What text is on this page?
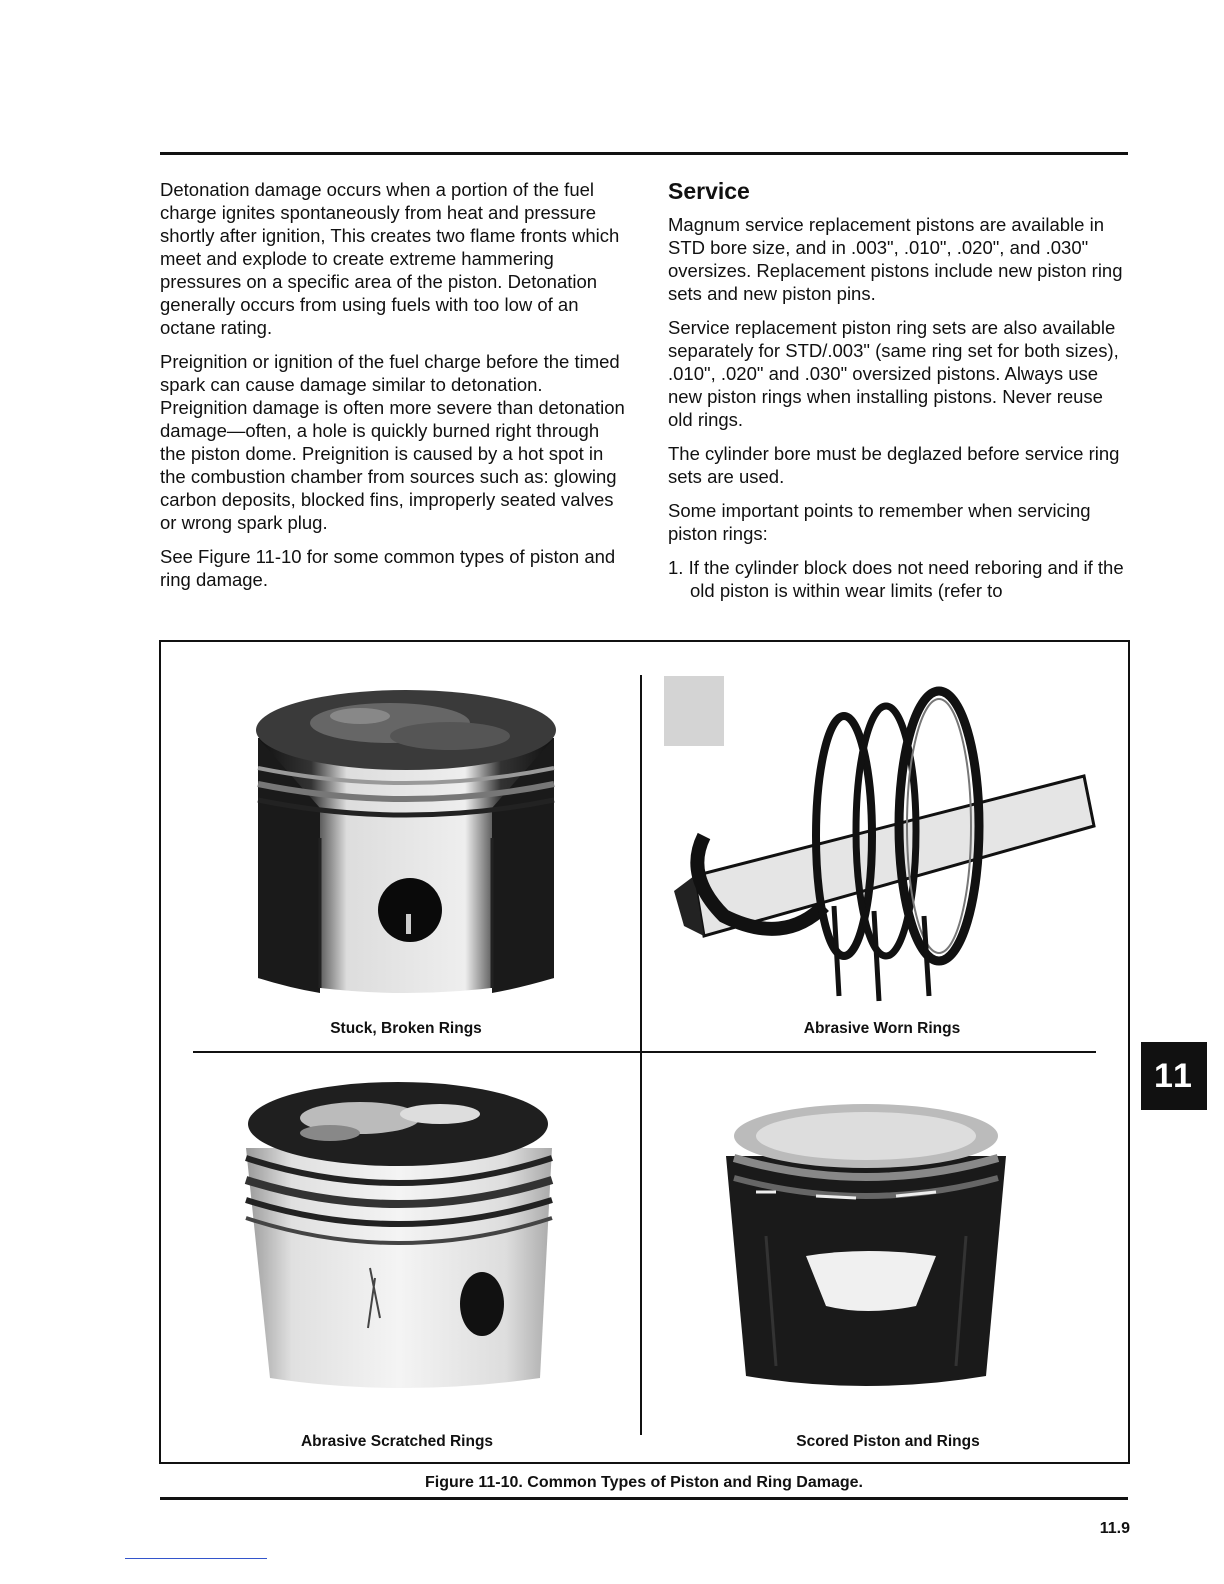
Detonation damage occurs when a portion of the fuel charge ignites spontaneously from heat and pressure shortly after ignition, This creates two flame fronts which meet and explode to create extreme hammering pressures on a specific area of the piston. Detonation generally occurs from using fuels with too low of an octane rating.

Preignition or ignition of the fuel charge before the timed spark can cause damage similar to detonation. Preignition damage is often more severe than detonation damage—often, a hole is quickly burned right through the piston dome. Preignition is caused by a hot spot in the combustion chamber from sources such as: glowing carbon deposits, blocked fins, improperly seated valves or wrong spark plug.

See Figure 11-10 for some common types of piston and ring damage.

Service

Magnum service replacement pistons are available in STD bore size, and in .003", .010", .020", and .030" oversizes. Replacement pistons include new piston ring sets and new piston pins.

Service replacement piston ring sets are also available separately for STD/.003" (same ring set for both sizes), .010", .020" and .030" oversized pistons. Always use new piston rings when installing pistons. Never reuse old rings.

The cylinder bore must be deglazed before service ring sets are used.

Some important points to remember when servicing piston rings:

1. If the cylinder block does not need reboring and if the old piston is within wear limits (refer to
Stuck, Broken Rings	Abrasive Worn Rings
Abrasive Scratched Rings	Scored Piston and Rings
Figure 11-10. Common Types of Piston and Ring Damage.
11.9
11
